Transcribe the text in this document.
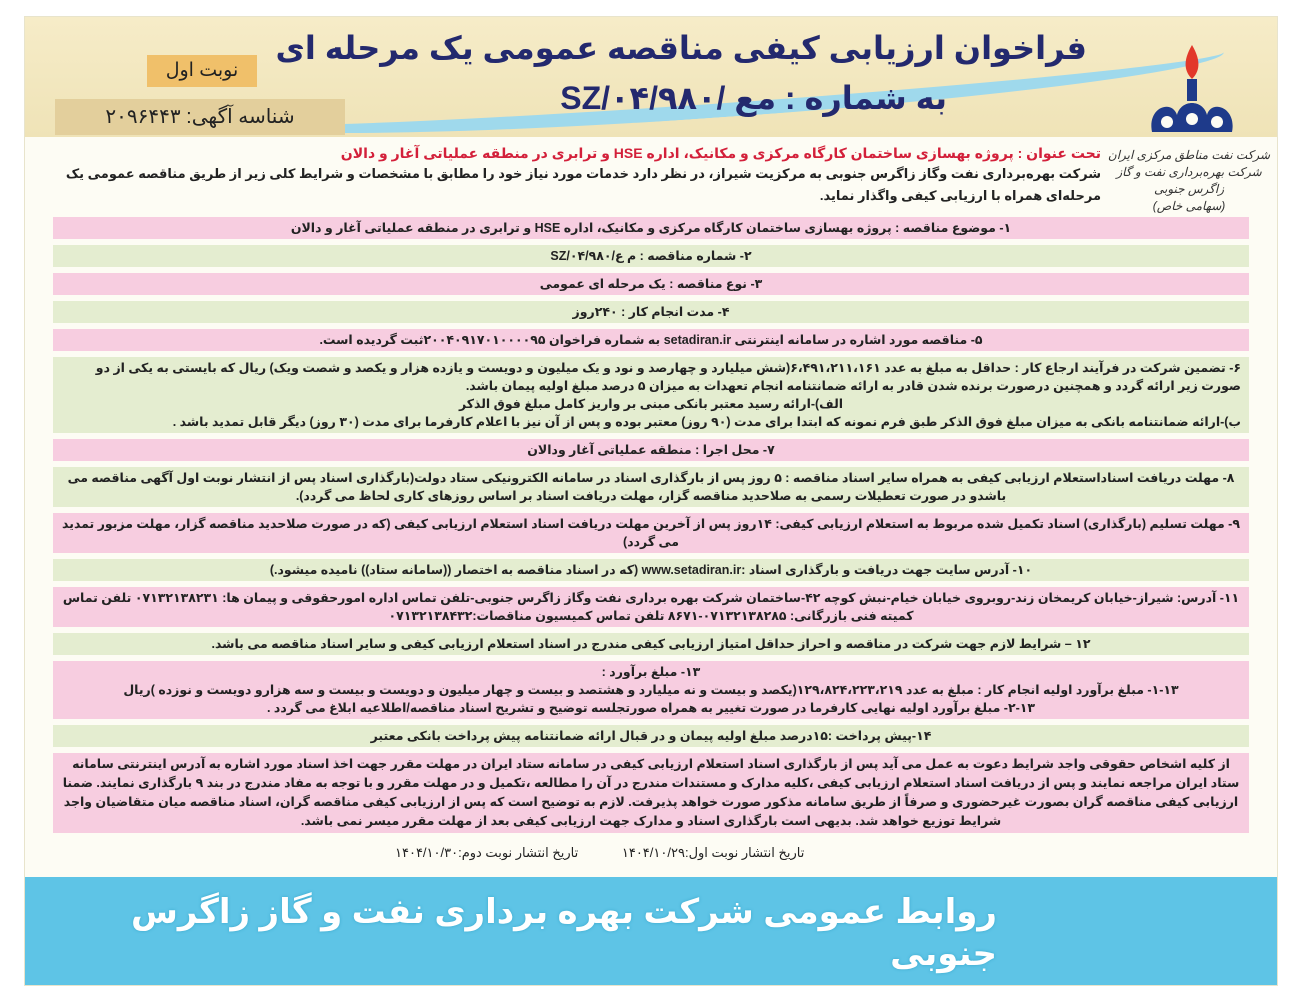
فراخوان ارزیابی کیفی مناقصه عمومی یک مرحله ای
به شماره : مع /۰۴/۹۸۰/SZ
نوبت اول
شناسه آگهی: ۲۰۹۶۴۴۳
شرکت نفت مناطق مرکزی ایران
شرکت بهره‌برداری نفت و گاز زاگرس جنوبی
(سهامی خاص)
تحت عنوان : پروژه بهسازی ساختمان کارگاه مرکزی و مکانیک، اداره HSE و ترابری در منطقه عملیاتی آغار و دالان
شرکت بهره‌برداری نفت وگاز زاگرس جنوبی به مرکزیت شیراز، در نظر دارد خدمات مورد نیاز خود را مطابق با مشخصات و شرایط کلی زیر از طریق مناقصه عمومی یک مرحله‌ای همراه با ارزیابی کیفی واگذار نماید.
۱- موضوع مناقصه : پروژه بهسازی ساختمان کارگاه مرکزی و مکانیک، اداره HSE و ترابری در منطقه عملیاتی آغار و دالان
۲- شماره مناقصه : م ع/۰۴/۹۸۰/SZ
۳- نوع مناقصه : یک مرحله ای عمومی
۴- مدت انجام کار : ۲۴۰روز
۵- مناقصه مورد اشاره در سامانه اینترنتی setadiran.ir به شماره فراخوان ۲۰۰۴۰۹۱۷۰۱۰۰۰۰۹۵ثبت گردیده است.
۶- تضمین شرکت در فرآیند ارجاع کار : حداقل به مبلغ به عدد ۶،۴۹۱،۲۱۱،۱۶۱(شش میلیارد و چهارصد و نود و یک میلیون و دویست و یازده هزار و یکصد و شصت ویک) ریال که بایستی به یکی از دو صورت زیر ارائه گردد و همچنین درصورت برنده شدن قادر به ارائه ضمانتنامه انجام تعهدات به میزان ۵ درصد مبلغ اولیه پیمان باشد.
الف)-ارائه رسید معتبر بانکی مبنی بر واریز کامل مبلغ فوق الذکر
ب)-ارائه ضمانتنامه بانکی به میزان مبلغ فوق الذکر طبق فرم نمونه که ابتدا برای مدت (۹۰ روز) معتبر بوده و پس از آن نیز با اعلام کارفرما برای مدت (۳۰ روز) دیگر قابل تمدید باشد .
۷- محل اجرا : منطقه عملیاتی آغار ودالان
۸- مهلت دریافت اسناداستعلام ارزیابی کیفی به همراه سایر اسناد مناقصه : ۵ روز پس از بارگذاری اسناد در سامانه الکترونیکی ستاد دولت(بارگذاری اسناد پس از انتشار نوبت اول آگهی مناقصه می باشدو در صورت تعطیلات رسمی به صلاحدید مناقصه گزار، مهلت دریافت اسناد بر اساس روزهای کاری لحاظ می گردد).
۹- مهلت تسلیم (بارگذاری) اسناد تکمیل شده مربوط به استعلام ارزیابی کیفی: ۱۴روز پس از آخرین مهلت دریافت اسناد استعلام ارزیابی کیفی (که در صورت صلاحدید مناقصه گزار، مهلت مزبور تمدید می گردد)
۱۰- آدرس سایت جهت دریافت و بارگذاری اسناد :www.setadiran.ir (که در اسناد مناقصه به اختصار ((سامانه ستاد)) نامیده میشود.)
۱۱- آدرس: شیراز-خیابان کریمخان زند-روبروی خیابان خیام-نبش کوچه ۴۲-ساختمان شرکت بهره برداری نفت وگاز زاگرس جنوبی-تلفن تماس اداره امورحقوقی و پیمان ها: ۰۷۱۳۲۱۳۸۲۳۱ تلفن تماس کمیته فنی بازرگانی: ۰۷۱۳۲۱۳۸۲۸۵-۸۶۷۱ تلفن تماس کمیسیون مناقصات:۰۷۱۳۲۱۳۸۴۳۲
۱۲ – شرایط لازم جهت شرکت در مناقصه و احراز حداقل امتیاز ارزیابی کیفی مندرج در اسناد استعلام ارزیابی کیفی و سایر اسناد مناقصه می باشد.
۱۳- مبلغ برآورد :
۱-۱۳- مبلغ برآورد اولیه انجام کار : مبلغ به عدد ۱۲۹،۸۲۴،۲۲۳،۲۱۹(یکصد و بیست و نه میلیارد و هشتصد و بیست و چهار میلیون و دویست و بیست و سه هزارو دویست و نوزده )ریال
۲-۱۳- مبلغ برآورد اولیه نهایی کارفرما در صورت تغییر به همراه صورتجلسه توضیح و تشریح اسناد مناقصه/اطلاعیه ابلاغ می گردد .
۱۴-پیش پرداخت :۱۵درصد مبلغ اولیه پیمان و در قبال ارائه ضمانتنامه پیش پرداخت بانکی معتبر
از کلیه اشخاص حقوقی واجد شرایط دعوت به عمل می آید پس از بارگذاری اسناد استعلام ارزیابی کیفی در سامانه ستاد ایران در مهلت مقرر جهت اخذ اسناد مورد اشاره به آدرس اینترنتی سامانه ستاد ایران مراجعه نمایند و پس از دریافت اسناد استعلام ارزیابی کیفی ،کلیه مدارک و مستندات مندرج در آن را مطالعه ،تکمیل و در مهلت مقرر و با توجه به مفاد مندرج در بند ۹ بارگذاری نمایند. ضمنا ارزیابی کیفی مناقصه گران بصورت غیرحضوری و صرفاً از طریق سامانه مذکور صورت خواهد پذیرفت. لازم به توضیح است که پس از ارزیابی کیفی مناقصه گران، اسناد مناقصه میان متقاضیان واجد شرایط توزیع خواهد شد. بدیهی است بارگذاری اسناد و مدارک جهت ارزیابی کیفی بعد از مهلت مقرر میسر نمی باشد.
تاریخ انتشار نوبت اول:۱۴۰۴/۱۰/۲۹ تاریخ انتشار نوبت دوم:۱۴۰۴/۱۰/۳۰
روابط عمومی شرکت بهره برداری نفت و گاز زاگرس جنوبی
